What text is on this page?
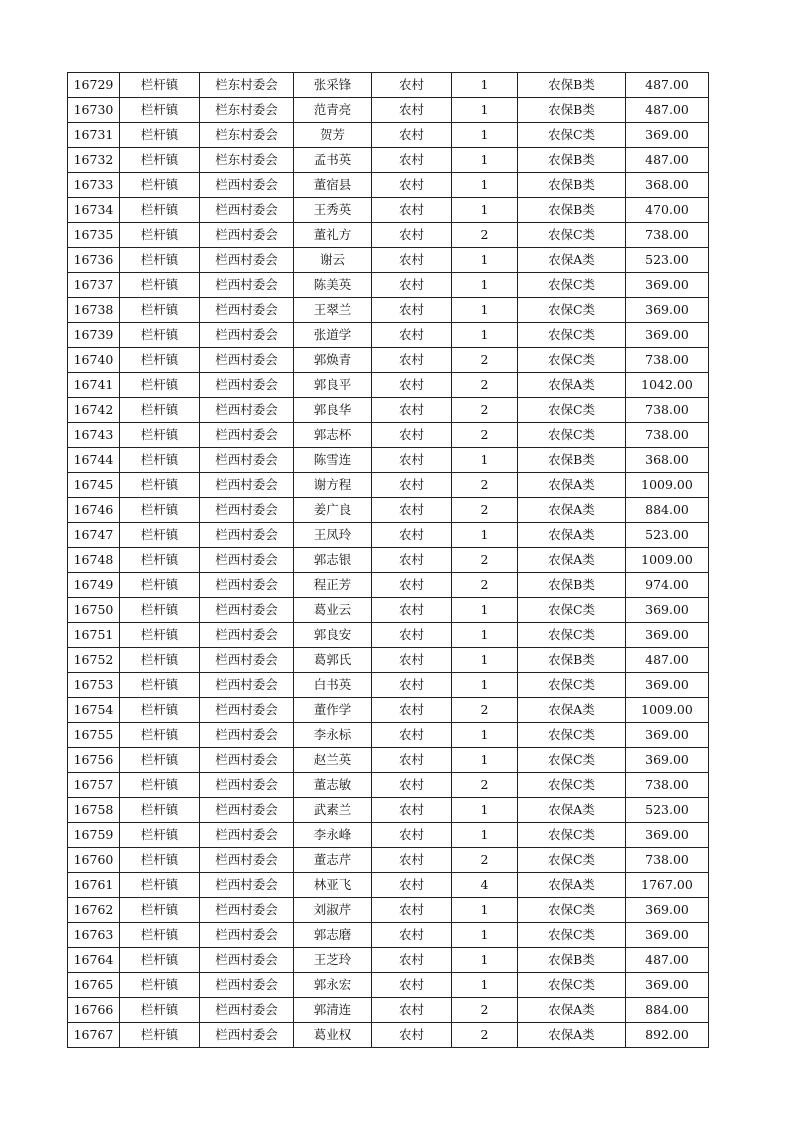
16729	栏杆镇	栏东村委会	张采锋	农村	1	农保B类	487.00
16730	栏杆镇	栏东村委会	范青亮	农村	1	农保B类	487.00
16731	栏杆镇	栏东村委会	贺芳	农村	1	农保C类	369.00
16732	栏杆镇	栏东村委会	孟书英	农村	1	农保B类	487.00
16733	栏杆镇	栏西村委会	董宿县	农村	1	农保B类	368.00
16734	栏杆镇	栏西村委会	王秀英	农村	1	农保B类	470.00
16735	栏杆镇	栏西村委会	董礼方	农村	2	农保C类	738.00
16736	栏杆镇	栏西村委会	谢云	农村	1	农保A类	523.00
16737	栏杆镇	栏西村委会	陈美英	农村	1	农保C类	369.00
16738	栏杆镇	栏西村委会	王翠兰	农村	1	农保C类	369.00
16739	栏杆镇	栏西村委会	张道学	农村	1	农保C类	369.00
16740	栏杆镇	栏西村委会	郭焕青	农村	2	农保C类	738.00
16741	栏杆镇	栏西村委会	郭良平	农村	2	农保A类	1042.00
16742	栏杆镇	栏西村委会	郭良华	农村	2	农保C类	738.00
16743	栏杆镇	栏西村委会	郭志杯	农村	2	农保C类	738.00
16744	栏杆镇	栏西村委会	陈雪连	农村	1	农保B类	368.00
16745	栏杆镇	栏西村委会	谢方程	农村	2	农保A类	1009.00
16746	栏杆镇	栏西村委会	姜广良	农村	2	农保A类	884.00
16747	栏杆镇	栏西村委会	王凤玲	农村	1	农保A类	523.00
16748	栏杆镇	栏西村委会	郭志银	农村	2	农保A类	1009.00
16749	栏杆镇	栏西村委会	程正芳	农村	2	农保B类	974.00
16750	栏杆镇	栏西村委会	葛业云	农村	1	农保C类	369.00
16751	栏杆镇	栏西村委会	郭良安	农村	1	农保C类	369.00
16752	栏杆镇	栏西村委会	葛郭氏	农村	1	农保B类	487.00
16753	栏杆镇	栏西村委会	白书英	农村	1	农保C类	369.00
16754	栏杆镇	栏西村委会	董作学	农村	2	农保A类	1009.00
16755	栏杆镇	栏西村委会	李永标	农村	1	农保C类	369.00
16756	栏杆镇	栏西村委会	赵兰英	农村	1	农保C类	369.00
16757	栏杆镇	栏西村委会	董志敏	农村	2	农保C类	738.00
16758	栏杆镇	栏西村委会	武素兰	农村	1	农保A类	523.00
16759	栏杆镇	栏西村委会	李永峰	农村	1	农保C类	369.00
16760	栏杆镇	栏西村委会	董志芹	农村	2	农保C类	738.00
16761	栏杆镇	栏西村委会	林亚飞	农村	4	农保A类	1767.00
16762	栏杆镇	栏西村委会	刘淑芹	农村	1	农保C类	369.00
16763	栏杆镇	栏西村委会	郭志磨	农村	1	农保C类	369.00
16764	栏杆镇	栏西村委会	王芝玲	农村	1	农保B类	487.00
16765	栏杆镇	栏西村委会	郭永宏	农村	1	农保C类	369.00
16766	栏杆镇	栏西村委会	郭清连	农村	2	农保A类	884.00
16767	栏杆镇	栏西村委会	葛业权	农村	2	农保A类	892.00
